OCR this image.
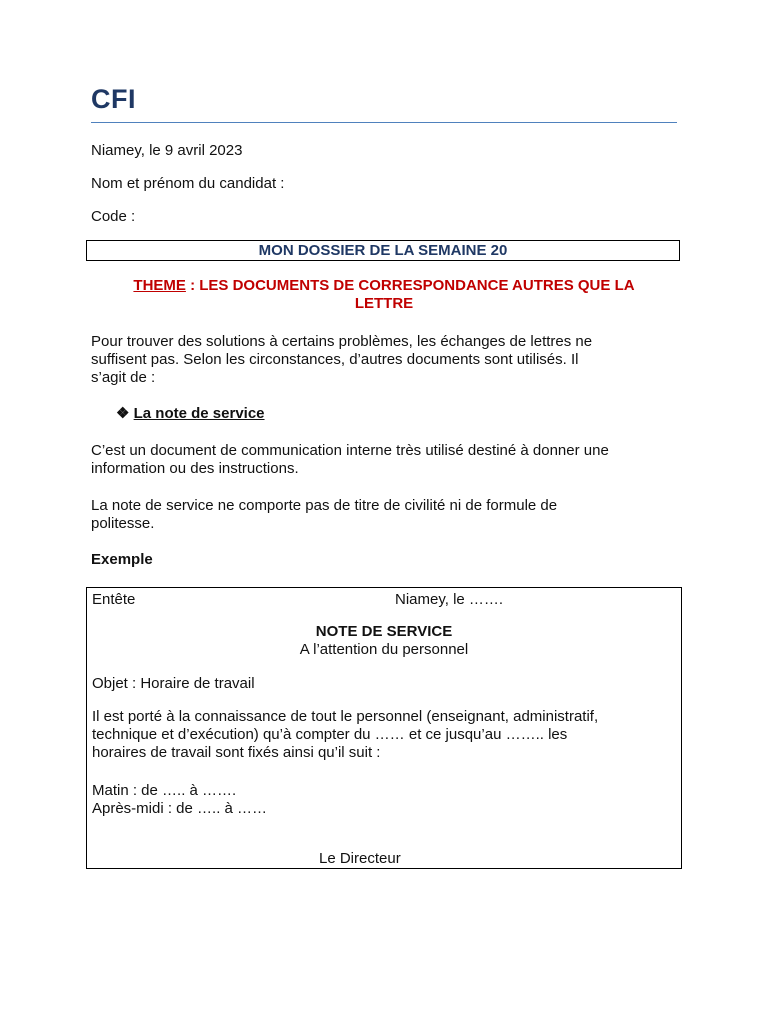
CFI
Niamey, le 9 avril 2023
Nom et prénom du candidat :
Code :
MON DOSSIER DE LA SEMAINE 20
THEME : LES DOCUMENTS DE CORRESPONDANCE AUTRES QUE LA
LETTRE
Pour trouver des solutions à certains problèmes, les échanges de lettres ne
suffisent pas. Selon les circonstances, d’autres documents sont utilisés. Il
s’agit de :
❖ La note de service
C’est un document de communication interne très utilisé destiné à donner une
information ou des instructions.
La note de service ne comporte pas de titre de civilité ni de formule de
politesse.
Exemple
Entête	Niamey, le …….
NOTE DE SERVICE
A l’attention du personnel
Objet : Horaire de travail
Il est porté à la connaissance de tout le personnel (enseignant, administratif,
technique et d’exécution) qu’à compter du …… et ce jusqu’au …….. les
horaires de travail sont fixés ainsi qu’il suit :
Matin : de ….. à …….
Après-midi : de ….. à ……
Le Directeur
